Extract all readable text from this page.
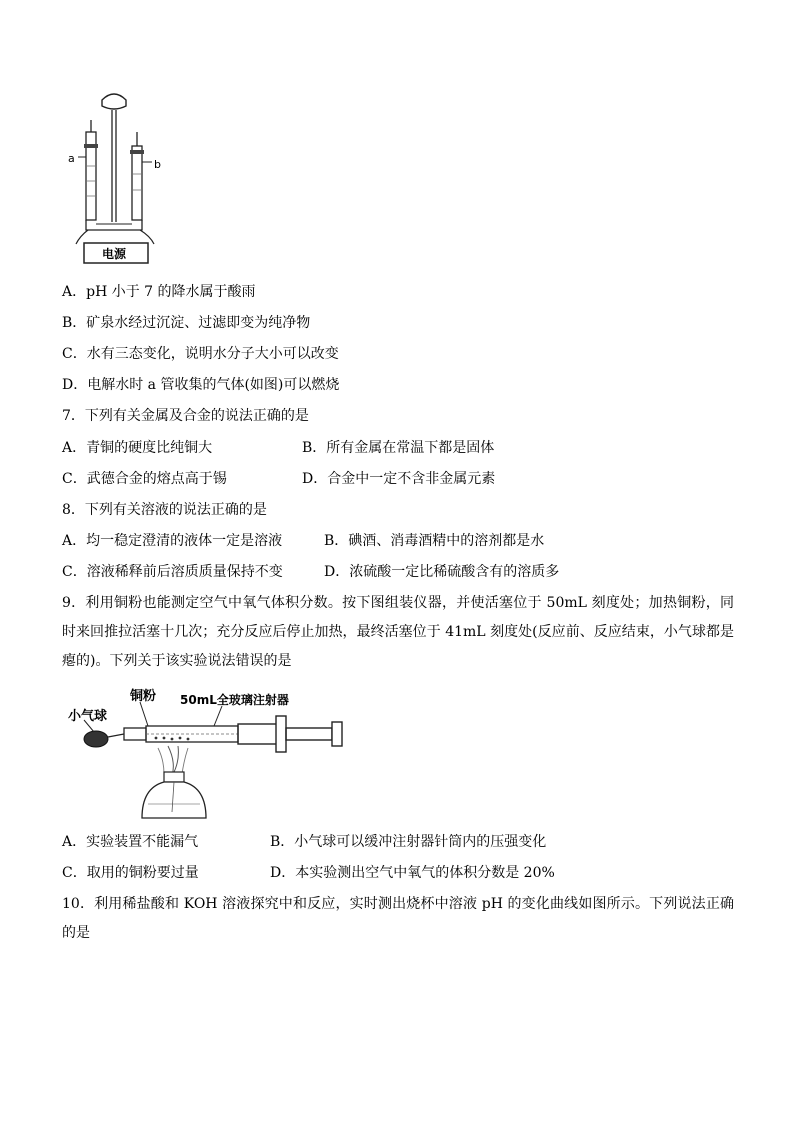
a	b
电源
A．pH 小于 7 的降水属于酸雨
B．矿泉水经过沉淀、过滤即变为纯净物
C．水有三态变化，说明水分子大小可以改变
D．电解水时 a 管收集的气体(如图)可以燃烧
7．下列有关金属及合金的说法正确的是
A．青铜的硬度比纯铜大	B．所有金属在常温下都是固体
C．武德合金的熔点高于锡	D．合金中一定不含非金属元素
8．下列有关溶液的说法正确的是
A．均一稳定澄清的液体一定是溶液	B．碘酒、消毒酒精中的溶剂都是水
C．溶液稀释前后溶质质量保持不变	D．浓硫酸一定比稀硫酸含有的溶质多
9．利用铜粉也能测定空气中氧气体积分数。按下图组装仪器，并使活塞位于 50mL 刻度处；加热铜粉，同时来回推拉活塞十几次；充分反应后停止加热，最终活塞位于 41mL 刻度处(反应前、反应结束，小气球都是瘪的)。下列关于该实验说法错误的是
小气球
铜粉 50mL全玻璃注射器
A．实验装置不能漏气	B．小气球可以缓冲注射器针筒内的压强变化
C．取用的铜粉要过量	D．本实验测出空气中氧气的体积分数是 20%
10．利用稀盐酸和 KOH 溶液探究中和反应，实时测出烧杯中溶液 pH 的变化曲线如图所示。下列说法正确的是
